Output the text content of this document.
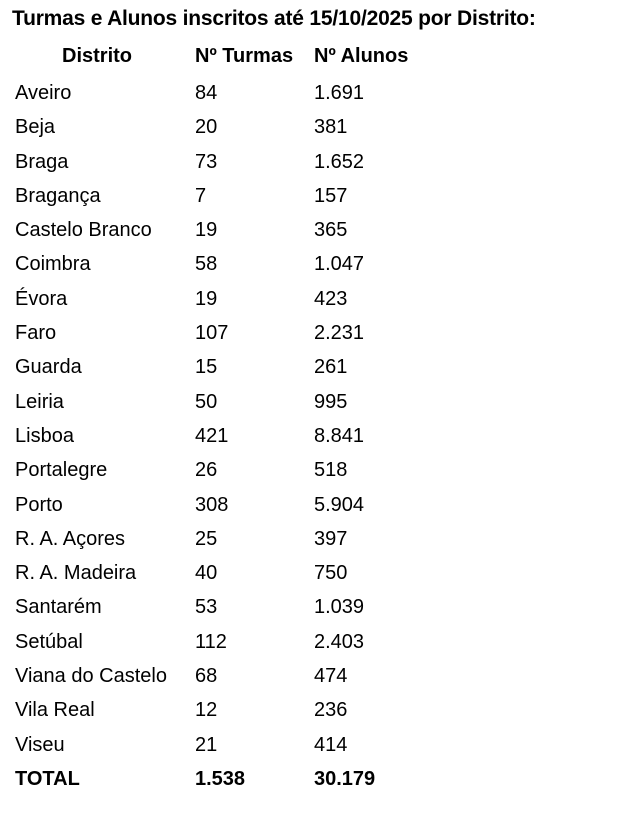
Turmas e Alunos inscritos até 15/10/2025 por Distrito:
Distrito	Nº Turmas Nº Alunos
Aveiro	84	1.691
Beja	20	381
Braga	73	1.652
Bragança	7	157
Castelo Branco 19	365
Coimbra	58	1.047
Évora	19	423
Faro	107	2.231
Guarda	15	261
Leiria	50	995
Lisboa	421	8.841
Portalegre	26	518
Porto	308	5.904
R. A. Açores	25	397
R. A. Madeira	40	750
Santarém	53	1.039
Setúbal	112	2.403
Viana do Castelo 68	474
Vila Real	12	236
Viseu	21	414
TOTAL	1.538	30.179
